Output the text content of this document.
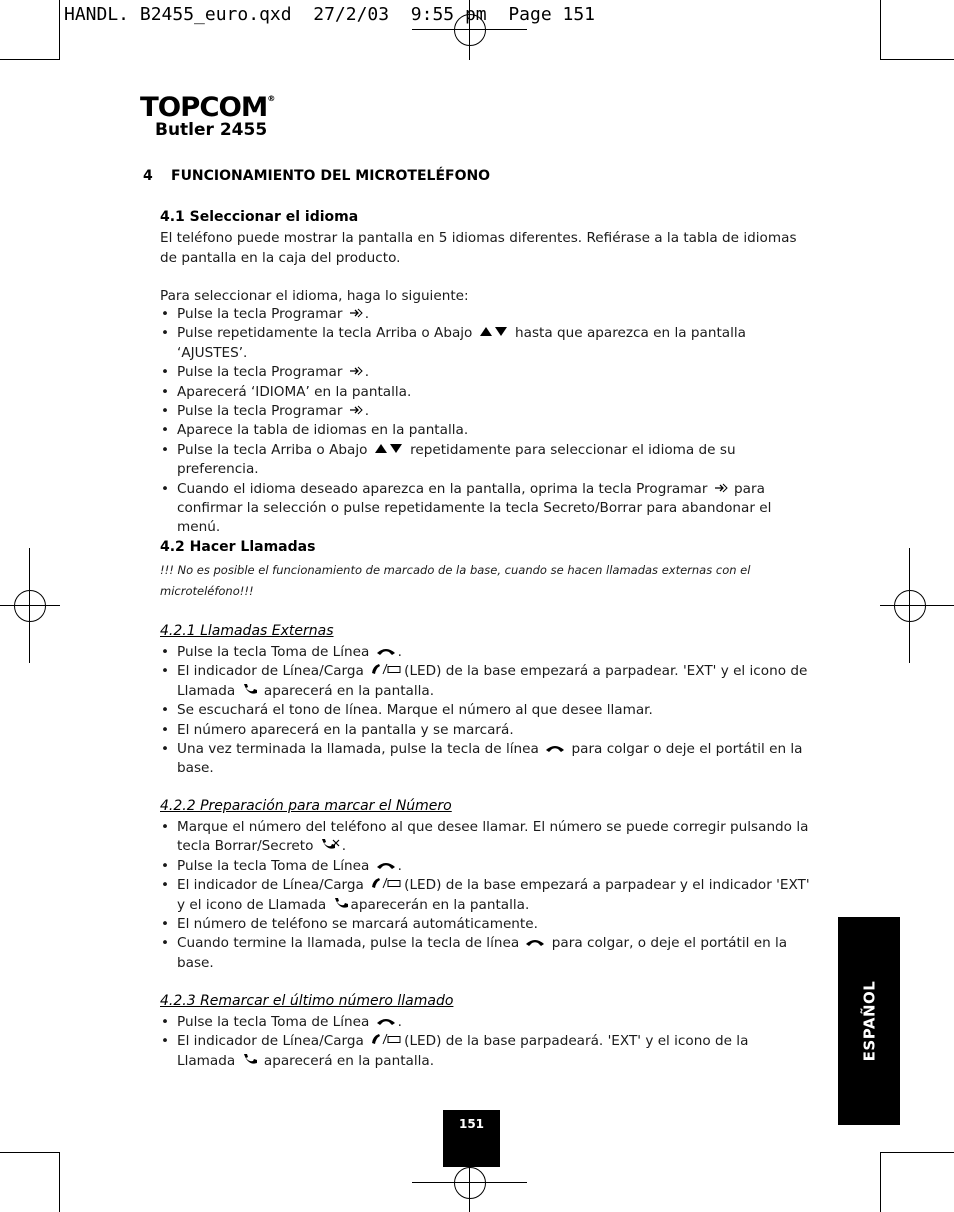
HANDL. B2455_euro.qxd  27/2/03  9:55 pm  Page 151
TOPCOM®
Butler 2455
4 FUNCIONAMIENTO DEL MICROTELÉFONO
4.1 Seleccionar el idioma
El teléfono puede mostrar la pantalla en 5 idiomas diferentes. Refiérase a la tabla de idiomas de pantalla en la caja del producto.
Para seleccionar el idioma, haga lo siguiente:
• Pulse la tecla Programar .
• Pulse repetidamente la tecla Arriba o Abajo	hasta que aparezca en la pantalla ‘AJUSTES’.
• Pulse la tecla Programar .
• Aparecerá ‘IDIOMA’ en la pantalla.
• Pulse la tecla Programar .
• Aparece la tabla de idiomas en la pantalla.
• Pulse la tecla Arriba o Abajo	repetidamente para seleccionar el idioma de su preferencia.
• Cuando el idioma deseado aparezca en la pantalla, oprima la tecla Programar  para confirmar la selección o pulse repetidamente la tecla Secreto/Borrar para abandonar el menú.
4.2 Hacer Llamadas
!!! No es posible el funcionamiento de marcado de la base, cuando se hacen llamadas externas con el microteléfono!!!
4.2.1 Llamadas Externas
• Pulse la tecla Toma de Línea .
• El indicador de Línea/Carga	(LED) de la base empezará a parpadear. 'EXT' y el icono de Llamada  aparecerá en la pantalla.
• Se escuchará el tono de línea. Marque el número al que desee llamar.
• El número aparecerá en la pantalla y se marcará.
• Una vez terminada la llamada, pulse la tecla de línea  para colgar o deje el portátil en la base.
4.2.2 Preparación para marcar el Número
• Marque el número del teléfono al que desee llamar. El número se puede corregir pulsando la tecla Borrar/Secreto .
• Pulse la tecla Toma de Línea .
• El indicador de Línea/Carga	(LED) de la base empezará a parpadear y el indicador 'EXT' y el icono de Llamada aparecerán en la pantalla.
• El número de teléfono se marcará automáticamente.
• Cuando termine la llamada, pulse la tecla de línea  para colgar, o deje el portátil en la base.
4.2.3 Remarcar el último número llamado
• Pulse la tecla Toma de Línea .
• El indicador de Línea/Carga	(LED) de la base parpadeará. 'EXT' y el icono de la Llamada  aparecerá en la pantalla.	ESPAÑOL
151
